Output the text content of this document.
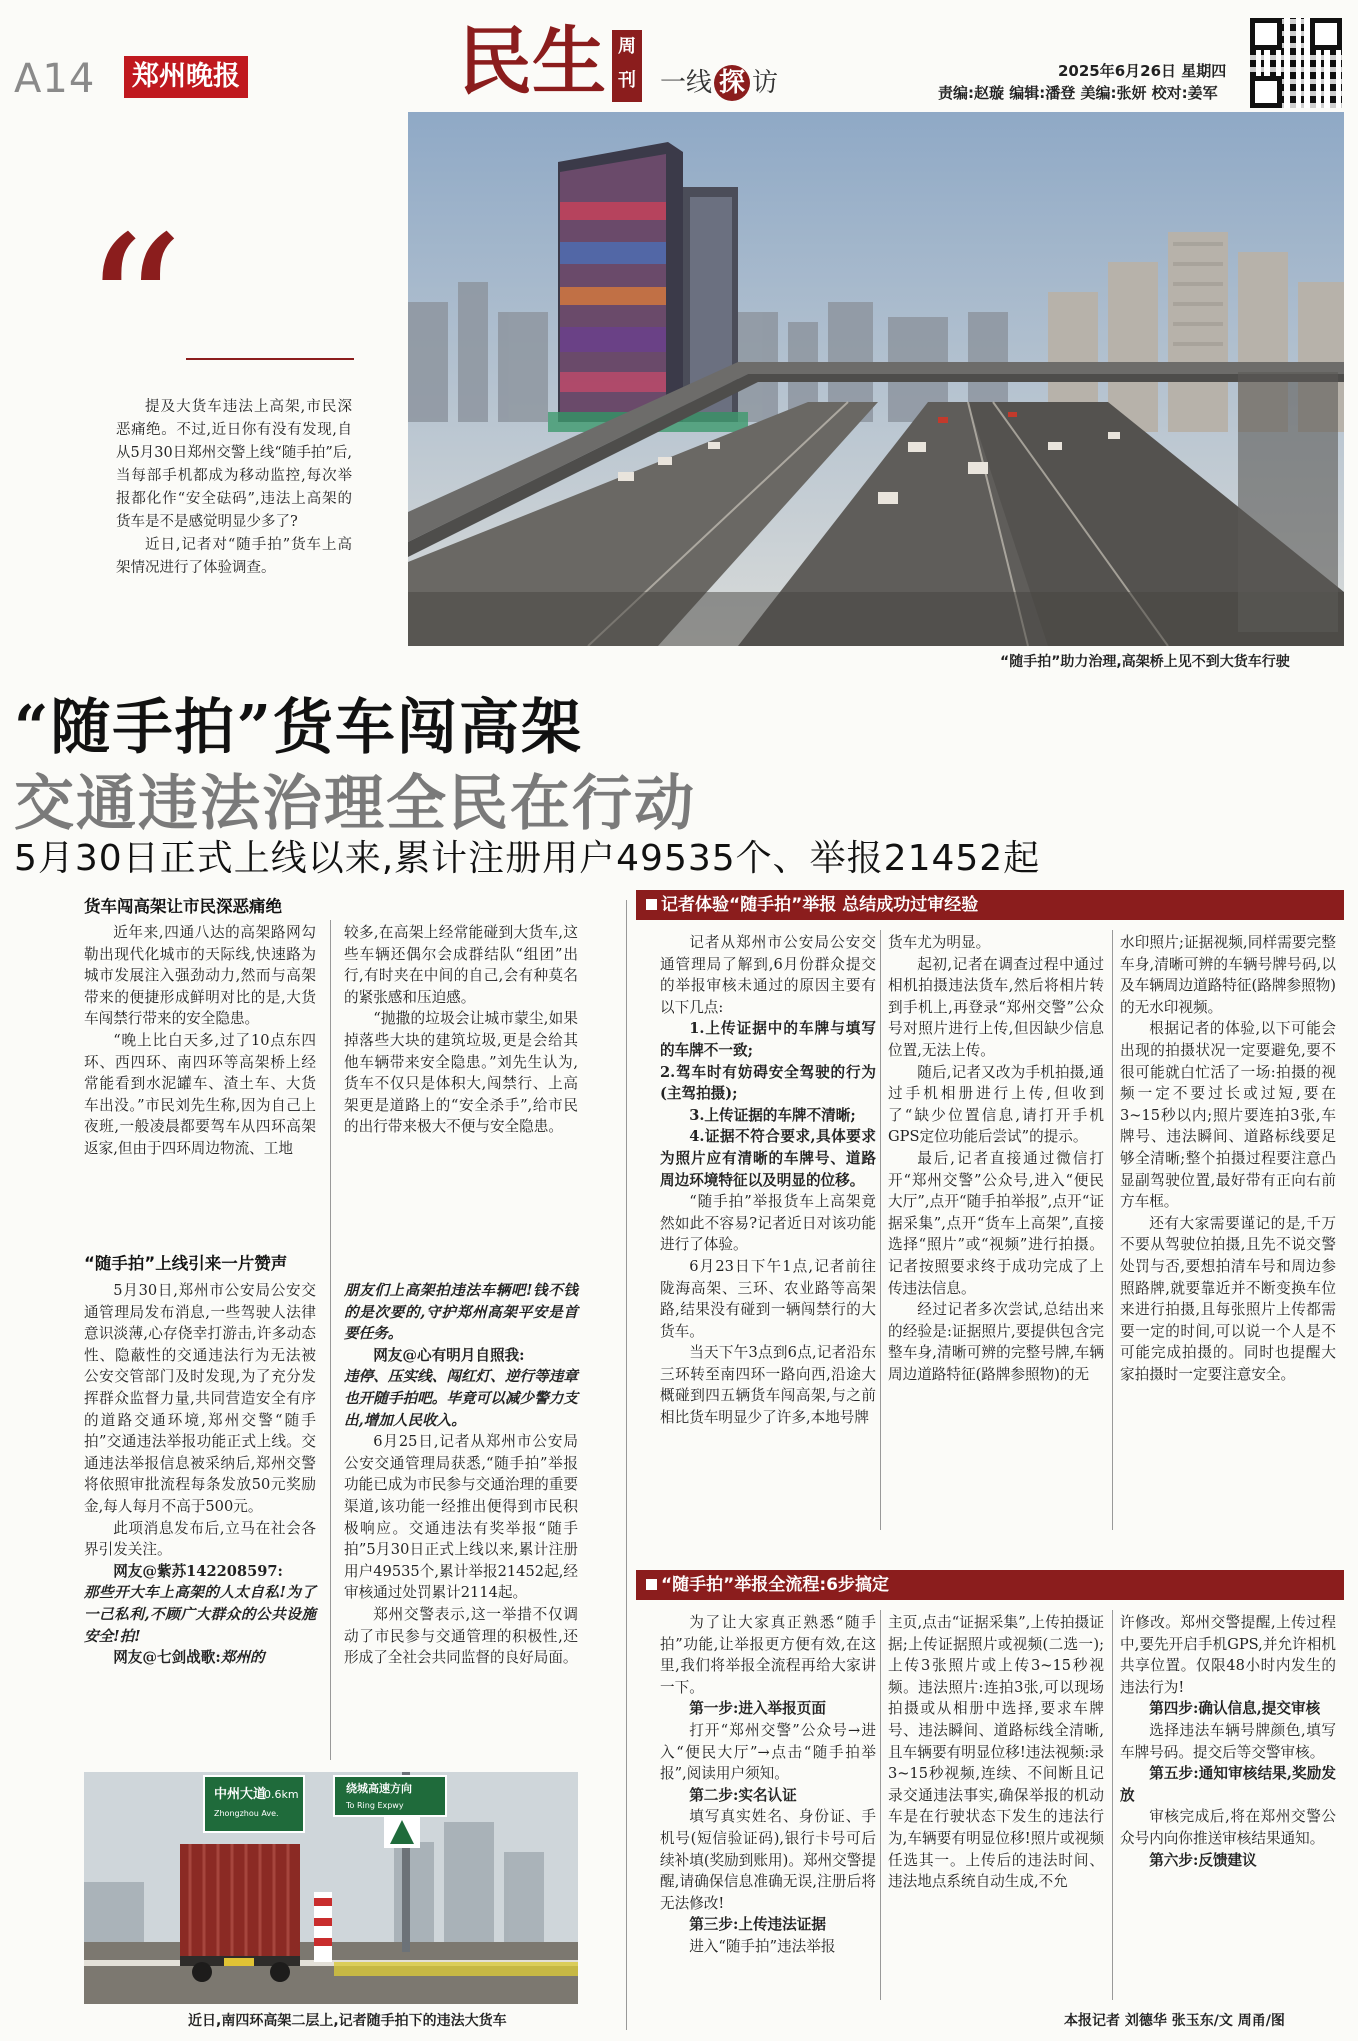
A14 郑州晚报	民生 周刊 一线 探 访	2025年6月26日 星期四
责编:赵璇 编辑:潘登 美编:张妍 校对:姜军
“

提及大货车违法上高架,市民深恶痛绝。不过,近日你有没有发现,自从5月30日郑州交警上线“随手拍”后,当每部手机都成为移动监控,每次举报都化作“安全砝码”,违法上高架的货车是不是感觉明显少多了?

近日,记者对“随手拍”货车上高架情况进行了体验调查。

“随手拍”助力治理,高架桥上见不到大货车行驶
“随手拍”货车闯高架
交通违法治理全民在行动
5月30日正式上线以来,累计注册用户49535个、举报21452起
货车闯高架让市民深恶痛绝

近年来,四通八达的高架路网勾勒出现代化城市的天际线,快速路为城市发展注入强劲动力,然而与高架带来的便捷形成鲜明对比的是,大货车闯禁行带来的安全隐患。

“晚上比白天多,过了10点东四环、西四环、南四环等高架桥上经常能看到水泥罐车、渣土车、大货车出没。”市民刘先生称,因为自己上夜班,一般凌晨都要驾车从四环高架返家,但由于四环周边物流、工地

较多,在高架上经常能碰到大货车,这些车辆还偶尔会成群结队“组团”出行,有时夹在中间的自己,会有种莫名的紧张感和压迫感。

“抛撒的垃圾会让城市蒙尘,如果掉落些大块的建筑垃圾,更是会给其他车辆带来安全隐患。”刘先生认为,货车不仅只是体积大,闯禁行、上高架更是道路上的“安全杀手”,给市民的出行带来极大不便与安全隐患。

“随手拍”上线引来一片赞声

5月30日,郑州市公安局公安交通管理局发布消息,一些驾驶人法律意识淡薄,心存侥幸打游击,许多动态性、隐蔽性的交通违法行为无法被公安交管部门及时发现,为了充分发挥群众监督力量,共同营造安全有序的道路交通环境,郑州交警“随手拍”交通违法举报功能正式上线。交通违法举报信息被采纳后,郑州交警将依照审批流程每条发放50元奖励金,每人每月不高于500元。

此项消息发布后,立马在社会各界引发关注。

网友@紫苏142208597:

那些开大车上高架的人太自私!为了一己私利,不顾广大群众的公共设施安全!拍!

网友@七剑战歌:郑州的

朋友们上高架拍违法车辆吧!钱不钱的是次要的,守护郑州高架平安是首要任务。

网友@心有明月自照我:

违停、压实线、闯红灯、逆行等违章也开随手拍吧。毕竟可以减少警力支出,增加人民收入。

6月25日,记者从郑州市公安局公安交通管理局获悉,“随手拍”举报功能已成为市民参与交通治理的重要渠道,该功能一经推出便得到市民积极响应。交通违法有奖举报“随手拍”5月30日正式上线以来,累计注册用户49535个,累计举报21452起,经审核通过处罚累计2114起。

郑州交警表示,这一举措不仅调动了市民参与交通管理的积极性,还形成了全社会共同监督的良好局面。

中州大道
0.6km
Zhongzhou Ave.
绕城高速方向
To Ring Expwy
近日,南四环高架二层上,记者随手拍下的违法大货车
记者体验“随手拍”举报 总结成功过审经验

记者从郑州市公安局公安交通管理局了解到,6月份群众提交的举报审核未通过的原因主要有以下几点:

1.上传证据中的车牌与填写的车牌不一致;

2.驾车时有妨碍安全驾驶的行为(主驾拍摄);

3.上传证据的车牌不清晰;

4.证据不符合要求,具体要求为照片应有清晰的车牌号、道路周边环境特征以及明显的位移。

“随手拍”举报货车上高架竟然如此不容易?记者近日对该功能进行了体验。

6月23日下午1点,记者前往陇海高架、三环、农业路等高架路,结果没有碰到一辆闯禁行的大货车。

当天下午3点到6点,记者沿东三环转至南四环一路向西,沿途大概碰到四五辆货车闯高架,与之前相比货车明显少了许多,本地号牌

货车尤为明显。

起初,记者在调查过程中通过相机拍摄违法货车,然后将相片转到手机上,再登录“郑州交警”公众号对照片进行上传,但因缺少信息位置,无法上传。

随后,记者又改为手机拍摄,通过手机相册进行上传,但收到了“缺少位置信息,请打开手机GPS定位功能后尝试”的提示。

最后,记者直接通过微信打开“郑州交警”公众号,进入“便民大厅”,点开“随手拍举报”,点开“证据采集”,点开“货车上高架”,直接选择“照片”或“视频”进行拍摄。记者按照要求终于成功完成了上传违法信息。

经过记者多次尝试,总结出来的经验是:证据照片,要提供包含完整车身,清晰可辨的完整号牌,车辆周边道路特征(路牌参照物)的无

水印照片;证据视频,同样需要完整车身,清晰可辨的车辆号牌号码,以及车辆周边道路特征(路牌参照物)的无水印视频。

根据记者的体验,以下可能会出现的拍摄状况一定要避免,要不很可能就白忙活了一场:拍摄的视频一定不要过长或过短,要在3~15秒以内;照片要连拍3张,车牌号、违法瞬间、道路标线要足够全清晰;整个拍摄过程要注意凸显副驾驶位置,最好带有正向右前方车框。

还有大家需要谨记的是,千万不要从驾驶位拍摄,且先不说交警处罚与否,要想拍清车号和周边参照路牌,就要靠近并不断变换车位来进行拍摄,且每张照片上传都需要一定的时间,可以说一个人是不可能完成拍摄的。同时也提醒大家拍摄时一定要注意安全。

“随手拍”举报全流程:6步搞定

为了让大家真正熟悉“随手拍”功能,让举报更方便有效,在这里,我们将举报全流程再给大家讲一下。

第一步:进入举报页面

打开“郑州交警”公众号→进入“便民大厅”→点击“随手拍举报”,阅读用户须知。

第二步:实名认证

填写真实姓名、身份证、手机号(短信验证码),银行卡号可后续补填(奖励到账用)。郑州交警提醒,请确保信息准确无误,注册后将无法修改!

第三步:上传违法证据

进入“随手拍”违法举报

主页,点击“证据采集”,上传拍摄证据;上传证据照片或视频(二选一);上传3张照片或上传3~15秒视频。违法照片:连拍3张,可以现场拍摄或从相册中选择,要求车牌号、违法瞬间、道路标线全清晰,且车辆要有明显位移!违法视频:录3~15秒视频,连续、不间断且记录交通违法事实,确保举报的机动车是在行驶状态下发生的违法行为,车辆要有明显位移!照片或视频任选其一。上传后的违法时间、违法地点系统自动生成,不允

许修改。郑州交警提醒,上传过程中,要先开启手机GPS,并允许相机共享位置。仅限48小时内发生的违法行为!

第四步:确认信息,提交审核

选择违法车辆号牌颜色,填写车牌号码。提交后等交警审核。

第五步:通知审核结果,奖励发放

审核完成后,将在郑州交警公众号内向你推送审核结果通知。

第六步:反馈建议

本报记者 刘德华 张玉东/文 周甬/图
